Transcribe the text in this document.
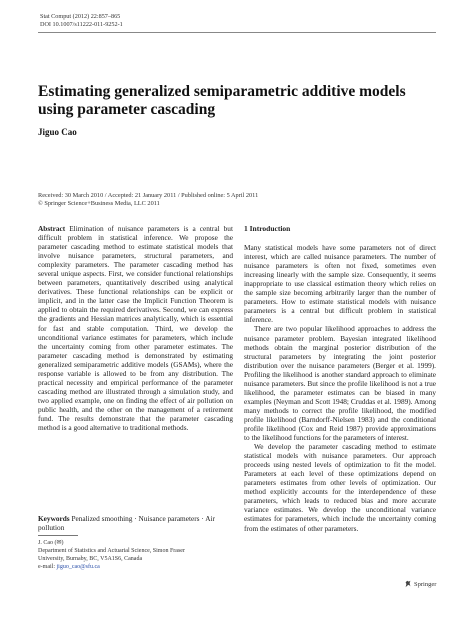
Stat Comput (2012) 22:857–865
DOI 10.1007/s11222-011-9252-1
Estimating generalized semiparametric additive models
using parameter cascading
Jiguo Cao
Received: 30 March 2010 / Accepted: 21 January 2011 / Published online: 5 April 2011
© Springer Science+Business Media, LLC 2011

Abstract Elimination of nuisance parameters is a central but difficult problem in statistical inference. We propose the parameter cascading method to estimate statistical models that involve nuisance parameters, structural parameters, and complexity parameters. The parameter cascading method has several unique aspects. First, we consider functional relationships between parameters, quantitatively described using analytical derivatives. These functional relationships can be explicit or implicit, and in the latter case the Implicit Function Theorem is applied to obtain the required derivatives. Second, we can express the gradients and Hessian matrices analytically, which is essential for fast and stable computation. Third, we develop the unconditional variance estimates for parameters, which include the uncertainty coming from other parameter estimates. The parameter cascading method is demonstrated by estimating generalized semiparametric additive models (GSAMs), where the response variable is allowed to be from any distribution. The practical necessity and empirical performance of the parameter cascading method are illustrated through a simulation study, and two applied example, one on finding the effect of air pollution on public health, and the other on the management of a retirement fund. The results demonstrate that the parameter cascading method is a good alternative to traditional methods.

Keywords Penalized smoothing · Nuisance parameters · Air pollution
J. Cao (✉)
Department of Statistics and Actuarial Science, Simon Fraser
University, Burnaby, BC, V5A1S6, Canada
e-mail: jiguo_cao@sfu.ca
1 Introduction

Many statistical models have some parameters not of direct interest, which are called nuisance parameters. The number of nuisance parameters is often not fixed, sometimes even increasing linearly with the sample size. Consequently, it seems inappropriate to use classical estimation theory which relies on the sample size becoming arbitrarily larger than the number of parameters. How to estimate statistical models with nuisance parameters is a central but difficult problem in statistical inference.

There are two popular likelihood approaches to address the nuisance parameter problem. Bayesian integrated likelihood methods obtain the marginal posterior distribution of the structural parameters by integrating the joint posterior distribution over the nuisance parameters (Berger et al. 1999). Profiling the likelihood is another standard approach to eliminate nuisance parameters. But since the profile likelihood is not a true likelihood, the parameter estimates can be biased in many examples (Neyman and Scott 1948; Cruddas et al. 1989). Among many methods to correct the profile likelihood, the modified profile likelihood (Barndorff-Nielsen 1983) and the conditional profile likelihood (Cox and Reid 1987) provide approximations to the likelihood functions for the parameters of interest.

We develop the parameter cascading method to estimate statistical models with nuisance parameters. Our approach proceeds using nested levels of optimization to fit the model. Parameters at each level of these optimizations depend on parameters estimates from other levels of optimization. Our method explicitly accounts for the interdependence of these parameters, which leads to reduced bias and more accurate variance estimates. We develop the unconditional variance estimates for parameters, which include the uncertainty coming from the estimates of other parameters.

Springer
